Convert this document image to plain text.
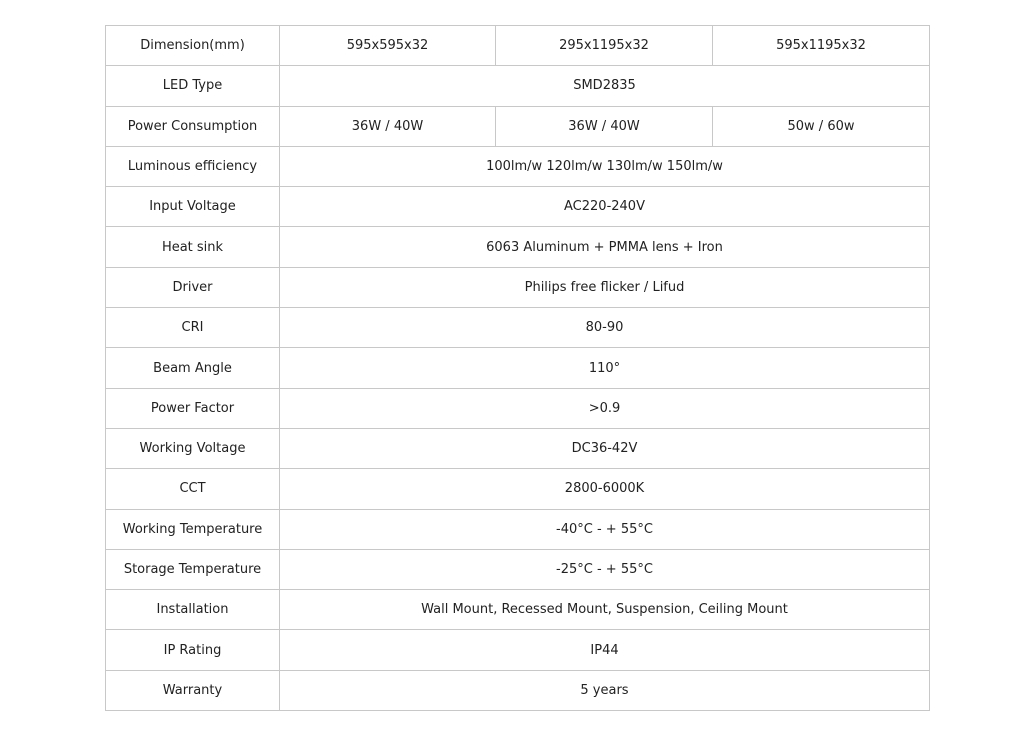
Dimension(mm)	595x595x32	295x1195x32	595x1195x32
LED Type	SMD2835		
Power Consumption	36W / 40W	36W / 40W	50w / 60w
Luminous efficiency	100lm/w 120lm/w 130lm/w 150lm/w		
Input Voltage	AC220-240V		
Heat sink	6063 Aluminum + PMMA lens + Iron		
Driver	Philips free flicker / Lifud		
CRI	80-90		
Beam Angle	110°		
Power Factor	>0.9		
Working Voltage	DC36-42V		
CCT	2800-6000K		
Working Temperature	-40°C - + 55°C		
Storage Temperature	-25°C - + 55°C		
Installation	Wall Mount, Recessed Mount, Suspension, Ceiling Mount		
IP Rating	IP44		
Warranty	5 years		
